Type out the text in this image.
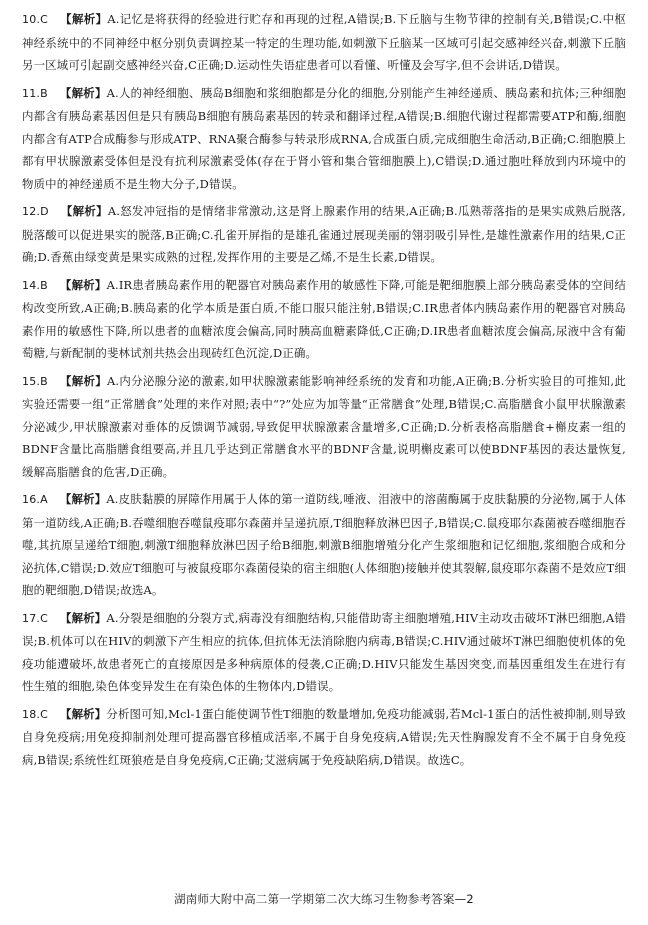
10.C 【解析】A.记忆是将获得的经验进行贮存和再现的过程,A错误;B.下丘脑与生物节律的控制有关,B错误;C.中枢神经系统中的不同神经中枢分别负责调控某一特定的生理功能,如刺激下丘脑某一区域可引起交感神经兴奋,刺激下丘脑另一区域可引起副交感神经兴奋,C正确;D.运动性失语症患者可以看懂、听懂及会写字,但不会讲话,D错误。

11.B 【解析】A.人的神经细胞、胰岛B细胞和浆细胞都是分化的细胞,分别能产生神经递质、胰岛素和抗体;三种细胞内都含有胰岛素基因但是只有胰岛B细胞有胰岛素基因的转录和翻译过程,A错误;B.细胞代谢过程都需要ATP和酶,细胞内都含有ATP合成酶参与形成ATP、RNA聚合酶参与转录形成RNA,合成蛋白质,完成细胞生命活动,B正确;C.细胞膜上都有甲状腺激素受体但是没有抗利尿激素受体(存在于肾小管和集合管细胞膜上),C错误;D.通过胞吐释放到内环境中的物质中的神经递质不是生物大分子,D错误。

12.D 【解析】A.怒发冲冠指的是情绪非常激动,这是肾上腺素作用的结果,A正确;B.瓜熟蒂落指的是果实成熟后脱落,脱落酸可以促进果实的脱落,B正确;C.孔雀开屏指的是雄孔雀通过展现美丽的翎羽吸引异性,是雄性激素作用的结果,C正确;D.香蕉由绿变黄是果实成熟的过程,发挥作用的主要是乙烯,不是生长素,D错误。

14.B 【解析】A.IR患者胰岛素作用的靶器官对胰岛素作用的敏感性下降,可能是靶细胞膜上部分胰岛素受体的空间结构改变所致,A正确;B.胰岛素的化学本质是蛋白质,不能口服只能注射,B错误;C.IR患者体内胰岛素作用的靶器官对胰岛素作用的敏感性下降,所以患者的血糖浓度会偏高,同时胰高血糖素降低,C正确;D.IR患者血糖浓度会偏高,尿液中含有葡萄糖,与新配制的斐林试剂共热会出现砖红色沉淀,D正确。

15.B 【解析】A.内分泌腺分泌的激素,如甲状腺激素能影响神经系统的发育和功能,A正确;B.分析实验目的可推知,此实验还需要一组“正常膳食”处理的来作对照;表中“?”处应为加等量“正常膳食”处理,B错误;C.高脂膳食小鼠甲状腺激素分泌减少,甲状腺激素对垂体的反馈调节减弱,导致促甲状腺激素含量增多,C正确;D.分析表格高脂膳食+槲皮素一组的BDNF含量比高脂膳食组要高,并且几乎达到正常膳食水平的BDNF含量,说明槲皮素可以使BDNF基因的表达量恢复,缓解高脂膳食的危害,D正确。

16.A 【解析】A.皮肤黏膜的屏障作用属于人体的第一道防线,唾液、泪液中的溶菌酶属于皮肤黏膜的分泌物,属于人体第一道防线,A正确;B.吞噬细胞吞噬鼠疫耶尔森菌并呈递抗原,T细胞释放淋巴因子,B错误;C.鼠疫耶尔森菌被吞噬细胞吞噬,其抗原呈递给T细胞,刺激T细胞释放淋巴因子给B细胞,刺激B细胞增殖分化产生浆细胞和记忆细胞,浆细胞合成和分泌抗体,C错误;D.效应T细胞可与被鼠疫耶尔森菌侵染的宿主细胞(人体细胞)接触并使其裂解,鼠疫耶尔森菌不是效应T细胞的靶细胞,D错误;故选A。

17.C 【解析】A.分裂是细胞的分裂方式,病毒没有细胞结构,只能借助寄主细胞增殖,HIV主动攻击破坏T淋巴细胞,A错误;B.机体可以在HIV的刺激下产生相应的抗体,但抗体无法消除胞内病毒,B错误;C.HIV通过破坏T淋巴细胞使机体的免疫功能遭破坏,故患者死亡的直接原因是多种病原体的侵袭,C正确;D.HIV只能发生基因突变,而基因重组发生在进行有性生殖的细胞,染色体变异发生在有染色体的生物体内,D错误。

18.C 【解析】分析图可知,Mcl-1蛋白能使调节性T细胞的数量增加,免疫功能减弱,若Mcl-1蛋白的活性被抑制,则导致自身免疫病;用免疫抑制剂处理可提高器官移植成活率,不属于自身免疫病,A错误;先天性胸腺发育不全不属于自身免疫病,B错误;系统性红斑狼疮是自身免疫病,C正确;艾滋病属于免疫缺陷病,D错误。故选C。

湖南师大附中高二第一学期第二次大练习生物参考答案—2
